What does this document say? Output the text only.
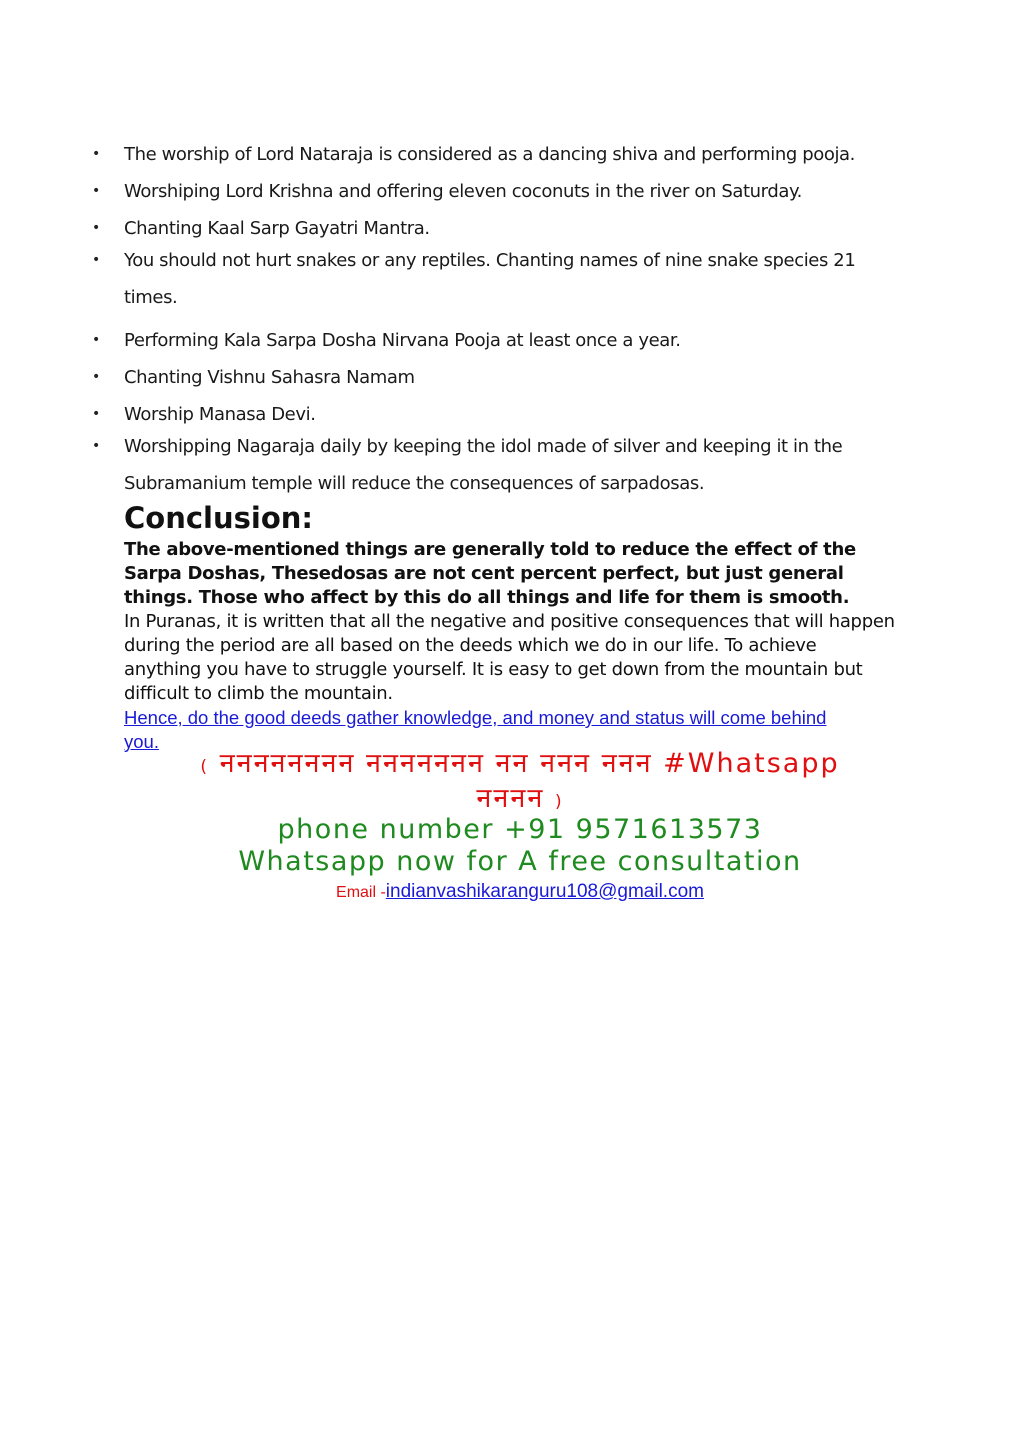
•	The worship of Lord Nataraja is considered as a dancing shiva and performing pooja.
•	Worshiping Lord Krishna and offering eleven coconuts in the river on Saturday.
•	Chanting Kaal Sarp Gayatri Mantra.
•	You should not hurt snakes or any reptiles. Chanting names of nine snake species 21
times.
•	Performing Kala Sarpa Dosha Nirvana Pooja at least once a year.
•	Chanting Vishnu Sahasra Namam
•	Worship Manasa Devi.
•	Worshipping Nagaraja daily by keeping the idol made of silver and keeping it in the
Subramanium temple will reduce the consequences of sarpadosas.
Conclusion:

The above-mentioned things are generally told to reduce the effect of the

Sarpa Doshas, Thesedosas are not cent percent perfect, but just general

things. Those who affect by this do all things and life for them is smooth.

In Puranas, it is written that all the negative and positive consequences that will happen

during the period are all based on the deeds which we do in our life. To achieve

anything you have to struggle yourself. It is easy to get down from the mountain but

difficult to climb the mountain.

Hence, do the good deeds gather knowledge, and money and status will come behind
you.
( नननननननन ननननननन नन ननन ननन #Whatsapp
नननन )
phone number +91 9571613573
Whatsapp now for A free consultation
Email -indianvashikaranguru108@gmail.com
